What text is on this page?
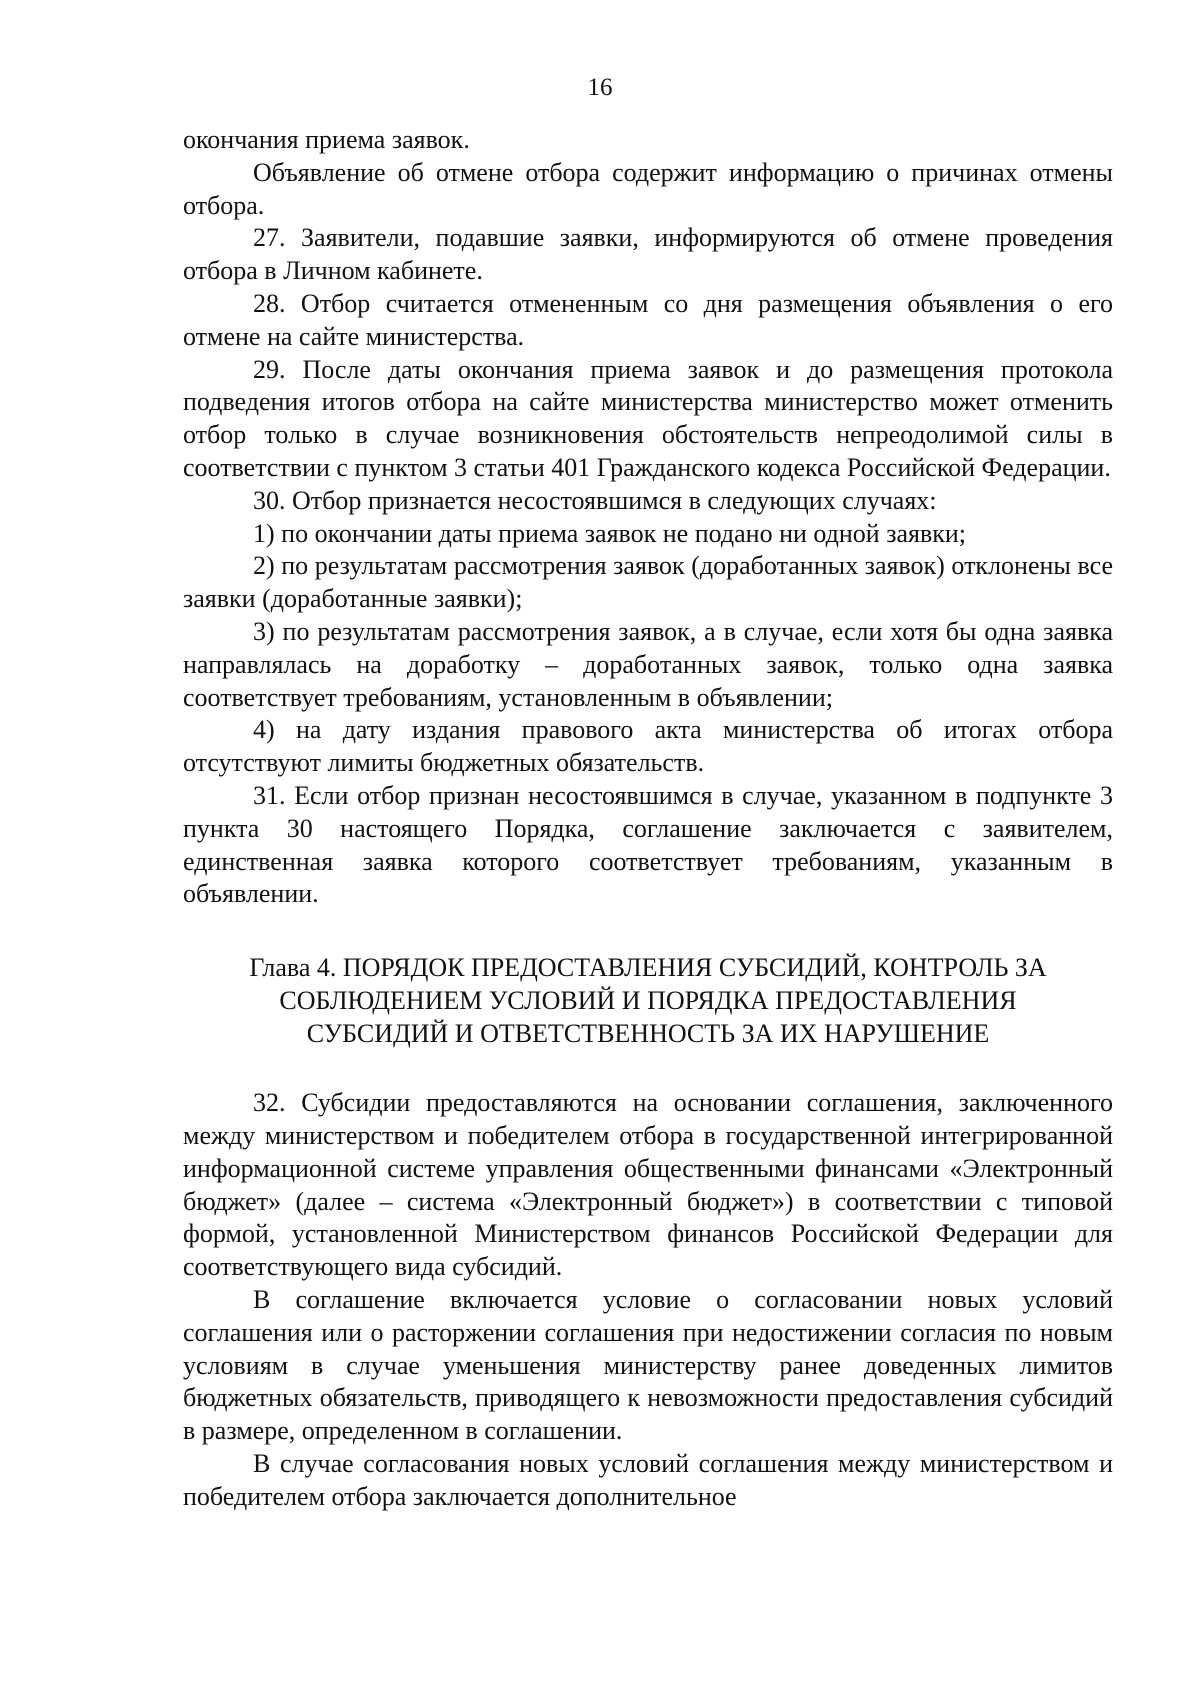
16

окончания приема заявок.

Объявление об отмене отбора содержит информацию о причинах отмены отбора.

27. Заявители, подавшие заявки, информируются об отмене проведения отбора в Личном кабинете.

28. Отбор считается отмененным со дня размещения объявления о его отмене на сайте министерства.

29. После даты окончания приема заявок и до размещения протокола подведения итогов отбора на сайте министерства министерство может отменить отбор только в случае возникновения обстоятельств непреодолимой силы в соответствии с пунктом 3 статьи 401 Гражданского кодекса Российской Федерации.

30. Отбор признается несостоявшимся в следующих случаях:

1) по окончании даты приема заявок не подано ни одной заявки;

2) по результатам рассмотрения заявок (доработанных заявок) отклонены все заявки (доработанные заявки);

3) по результатам рассмотрения заявок, а в случае, если хотя бы одна заявка направлялась на доработку – доработанных заявок, только одна заявка соответствует требованиям, установленным в объявлении;

4) на дату издания правового акта министерства об итогах отбора отсутствуют лимиты бюджетных обязательств.

31. Если отбор признан несостоявшимся в случае, указанном в подпункте 3 пункта 30 настоящего Порядка, соглашение заключается с заявителем, единственная заявка которого соответствует требованиям, указанным в объявлении.

Глава 4. ПОРЯДОК ПРЕДОСТАВЛЕНИЯ СУБСИДИЙ, КОНТРОЛЬ ЗА
СОБЛЮДЕНИЕМ УСЛОВИЙ И ПОРЯДКА ПРЕДОСТАВЛЕНИЯ
СУБСИДИЙ И ОТВЕТСТВЕННОСТЬ ЗА ИХ НАРУШЕНИЕ

32. Субсидии предоставляются на основании соглашения, заключенного между министерством и победителем отбора в государственной интегрированной информационной системе управления общественными финансами «Электронный бюджет» (далее – система «Электронный бюджет») в соответствии с типовой формой, установленной Министерством финансов Российской Федерации для соответствующего вида субсидий.

В соглашение включается условие о согласовании новых условий соглашения или о расторжении соглашения при недостижении согласия по новым условиям в случае уменьшения министерству ранее доведенных лимитов бюджетных обязательств, приводящего к невозможности предоставления субсидий в размере, определенном в соглашении.

В случае согласования новых условий соглашения между министерством и победителем отбора заключается дополнительное
